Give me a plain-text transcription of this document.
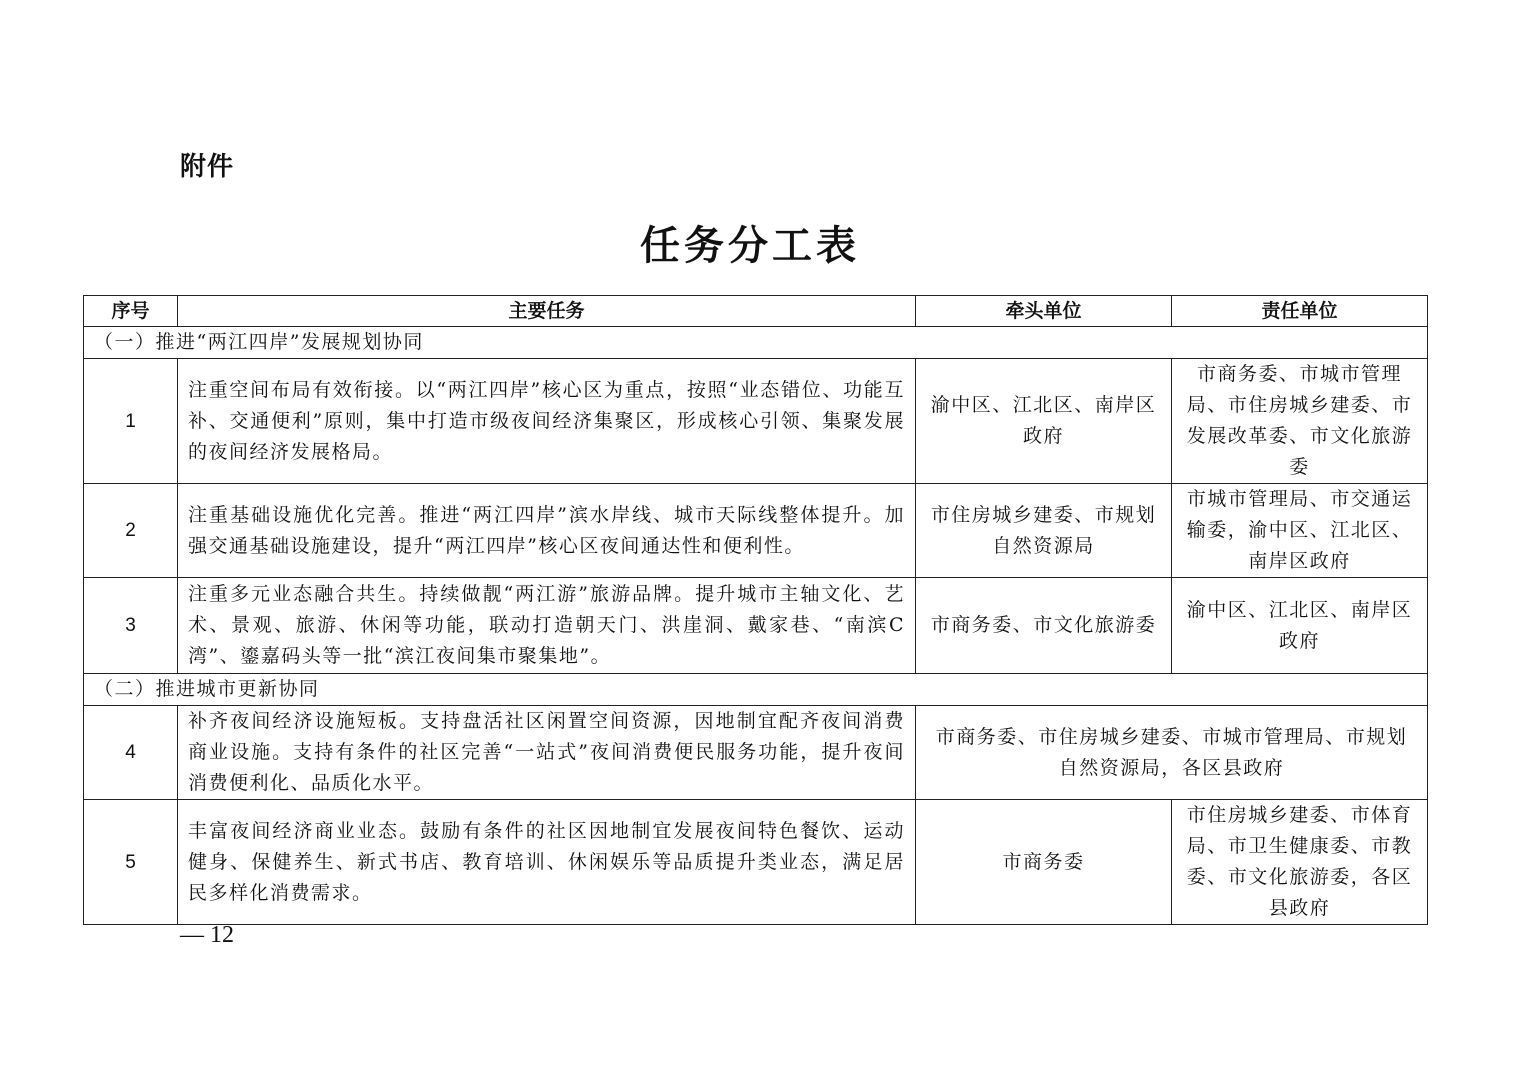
附件
任务分工表
序号	主要任务	牵头单位	责任单位
（一）推进“两江四岸”发展规划协同			
1	注重空间布局有效衔接。以“两江四岸”核心区为重点，按照“业态错位、功能互补、交通便利”原则，集中打造市级夜间经济集聚区，形成核心引领、集聚发展的夜间经济发展格局。	渝中区、江北区、南岸区政府	市商务委、市城市管理局、市住房城乡建委、市发展改革委、市文化旅游委
2	注重基础设施优化完善。推进“两江四岸”滨水岸线、城市天际线整体提升。加强交通基础设施建设，提升“两江四岸”核心区夜间通达性和便利性。	市住房城乡建委、市规划自然资源局	市城市管理局、市交通运输委，渝中区、江北区、南岸区政府
3	注重多元业态融合共生。持续做靓“两江游”旅游品牌。提升城市主轴文化、艺术、景观、旅游、休闲等功能，联动打造朝天门、洪崖洞、戴家巷、“南滨C湾”、鎏嘉码头等一批“滨江夜间集市聚集地”。	市商务委、市文化旅游委	渝中区、江北区、南岸区政府
（二）推进城市更新协同			
4	补齐夜间经济设施短板。支持盘活社区闲置空间资源，因地制宜配齐夜间消费商业设施。支持有条件的社区完善“一站式”夜间消费便民服务功能，提升夜间消费便利化、品质化水平。	市商务委、市住房城乡建委、市城市管理局、市规划自然资源局，各区县政府	
5	丰富夜间经济商业业态。鼓励有条件的社区因地制宜发展夜间特色餐饮、运动健身、保健养生、新式书店、教育培训、休闲娱乐等品质提升类业态，满足居民多样化消费需求。	市商务委	市住房城乡建委、市体育局、市卫生健康委、市教委、市文化旅游委，各区县政府
— 12
